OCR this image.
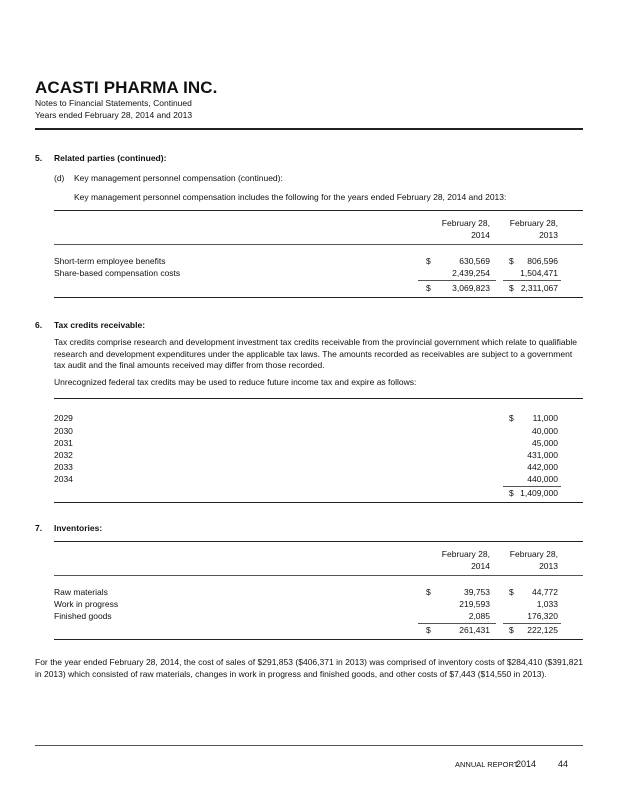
ACASTI PHARMA INC.
Notes to Financial Statements, Continued
Years ended February 28, 2014 and 2013
5. Related parties (continued):
(d) Key management personnel compensation (continued):
Key management personnel compensation includes the following for the years ended February 28, 2014 and 2013:
February 28,
2014
February 28,
2013
Short-term employee benefits	$	630,569 $	806,596
Share-based compensation costs	2,439,254	1,504,471
$	3,069,823 $ 2,311,067
6. Tax credits receivable:
Tax credits comprise research and development investment tax credits receivable from the provincial government which relate to qualifiable research and development expenditures under the applicable tax laws. The amounts recorded as receivables are subject to a government tax audit and the final amounts received may differ from those recorded.
Unrecognized federal tax credits may be used to reduce future income tax and expire as follows:
2029	$	11,000
2030	40,000
2031	45,000
2032	431,000
2033	442,000
2034	440,000
$ 1,409,000
7. Inventories:
February 28,
2014
February 28,
2013
Raw materials	$	39,753 $	44,772
Work in progress	219,593	1,033
Finished goods	2,085	176,320
$	261,431 $	222,125
For the year ended February 28, 2014, the cost of sales of $291,853 ($406,371 in 2013) was comprised of inventory costs of $284,410 ($391,821 in 2013) which consisted of raw materials, changes in work in progress and finished goods, and other costs of $7,443 ($14,550 in 2013).
ANNUAL REPORT
2014 44
